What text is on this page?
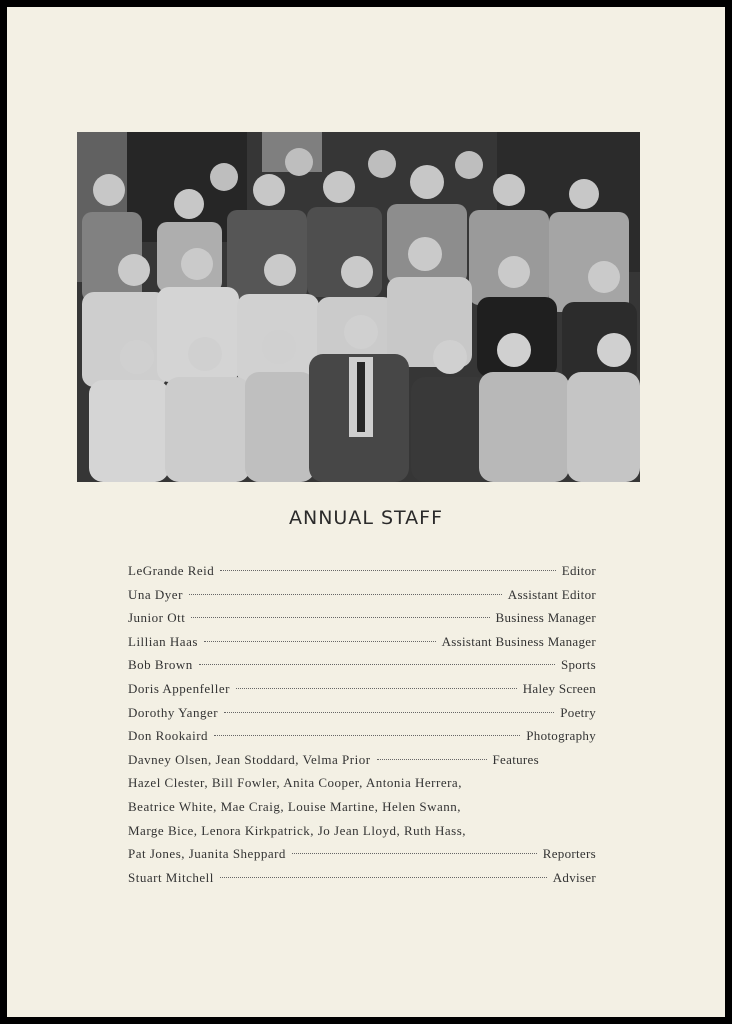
ANNUAL STAFF
LeGrande Reid	Editor
Una Dyer	Assistant Editor
Junior Ott	Business Manager
Lillian Haas	Assistant Business Manager
Bob Brown	Sports
Doris Appenfeller	Haley Screen
Dorothy Yanger	Poetry
Don Rookaird	Photography
Davney Olsen, Jean Stoddard, Velma Prior	Features
Hazel Clester, Bill Fowler, Anita Cooper, Antonia Herrera,
Beatrice White, Mae Craig, Louise Martine, Helen Swann,
Marge Bice, Lenora Kirkpatrick, Jo Jean Lloyd, Ruth Hass,
Pat Jones, Juanita Sheppard	Reporters
Stuart Mitchell	Adviser
